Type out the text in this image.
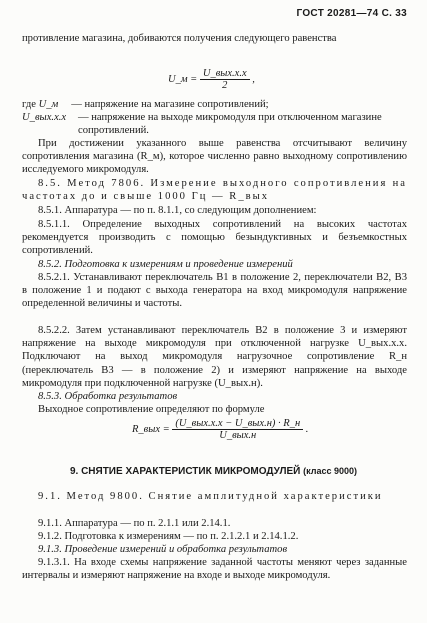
ГОСТ 20281—74 С. 33
противление магазина, добиваются получения следующего равенства
U_м = $\frac{\text{U\_вых.х.х}}{2}$ ,
где U_м — напряжение на магазине сопротивлений;
U_вых.х.х	— напряжение на выходе микромодуля при отключенном магазине сопротивлений.
При достижении указанного выше равенства отсчитывают величину сопротивления магазина (R_м), которое численно равно выходному сопротивлению исследуемого микромодуля.
8.5. Метод 7806. Измерение выходного сопротивления на частотах до и свыше 1000 Гц — R_вых
8.5.1. Аппаратура — по п. 8.1.1, со следующим дополнением:
8.5.1.1. Определение выходных сопротивлений на высоких частотах рекомендуется производить с помощью безындуктивных и безъемкостных сопротивлений.
8.5.2. Подготовка к измерениям и проведение измерений
8.5.2.1. Устанавливают переключатель В1 в положение 2, переключатели В2, В3 в положение 1 и подают с выхода генератора на вход микромодуля напряжение определенной величины и частоты.
8.5.2.2. Затем устанавливают переключатель В2 в положение 3 и измеряют напряжение на выходе микромодуля при отключенной нагрузке U_вых.х.х. Подключают на выход микромодуля нагрузочное сопротивление R_н (переключатель В3 — в положение 2) и измеряют напряжение на выходе микромодуля при подключенной нагрузке (U_вых.н).
8.5.3. Обработка результатов
Выходное сопротивление определяют по формуле
R_вых = $\frac{\text{(U\_вых.х.х − U\_вых.н) · R\_н}}{\text{U\_вых.н}}$ .
9. СНЯТИЕ ХАРАКТЕРИСТИК МИКРОМОДУЛЕЙ (класс 9000)
9.1. Метод 9800. Снятие амплитудной характеристики
9.1.1. Аппаратура — по п. 2.1.1 или 2.14.1.
9.1.2. Подготовка к измерениям — по п. 2.1.2.1 и 2.14.1.2.
9.1.3. Проведение измерений и обработка результатов
9.1.3.1. На входе схемы напряжение заданной частоты меняют через заданные интервалы и измеряют напряжение на входе и выходе микромодуля.
